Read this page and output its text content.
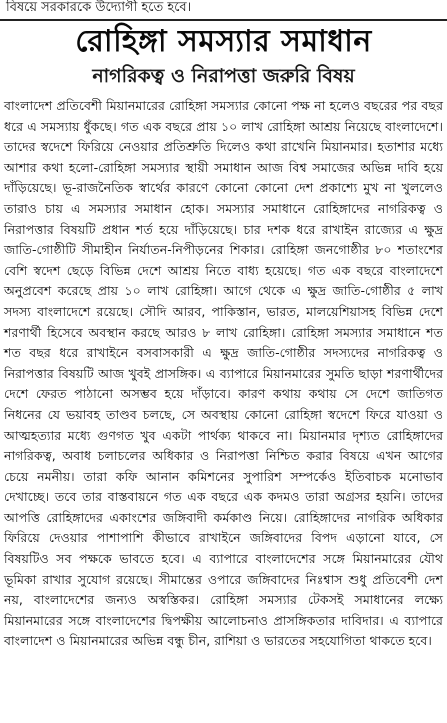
বিষয়ে সরকারকে উদ্যোগী হতে হবে।
রোহিঙ্গা সমস্যার সমাধান
নাগরিকত্ব ও নিরাপত্তা জরুরি বিষয়

বাংলাদেশ প্রতিবেশী মিয়ানমারের রোহিঙ্গা সমস্যার কোনো পক্ষ না হলেও বছরের পর বছর ধরে এ সমস্যায় ধুঁকছে। গত এক বছরে প্রায় ১০ লাখ রোহিঙ্গা আশ্রয় নিয়েছে বাংলাদেশে। তাদের স্বদেশে ফিরিয়ে নেওয়ার প্রতিশ্রুতি দিলেও কথা রাখেনি মিয়ানমার। হতাশার মধ্যে আশার কথা হলো-রোহিঙ্গা সমস্যার স্থায়ী সমাধান আজ বিশ্ব সমাজের অভিন্ন দাবি হয়ে দাঁড়িয়েছে। ভূ-রাজনৈতিক স্বার্থের কারণে কোনো কোনো দেশ প্রকাশ্যে মুখ না খুললেও তারাও চায় এ সমস্যার সমাধান হোক। সমস্যার সমাধানে রোহিঙ্গাদের নাগরিকত্ব ও নিরাপত্তার বিষয়টি প্রধান শর্ত হয়ে দাঁড়িয়েছে। চার দশক ধরে রাখাইন রাজ্যের এ ক্ষুদ্র জাতি-গোষ্ঠীটি সীমাহীন নির্যাতন-নিপীড়নের শিকার। রোহিঙ্গা জনগোষ্ঠীর ৮০ শতাংশের বেশি স্বদেশ ছেড়ে বিভিন্ন দেশে আশ্রয় নিতে বাধ্য হয়েছে। গত এক বছরে বাংলাদেশে অনুপ্রবেশ করেছে প্রায় ১০ লাখ রোহিঙ্গা। আগে থেকে এ ক্ষুদ্র জাতি-গোষ্ঠীর ৫ লাখ সদস্য বাংলাদেশে রয়েছে। সৌদি আরব, পাকিস্তান, ভারত, মালয়েশিয়াসহ বিভিন্ন দেশে শরণার্থী হিসেবে অবস্থান করছে আরও ৮ লাখ রোহিঙ্গা। রোহিঙ্গা সমস্যার সমাধানে শত শত বছর ধরে রাখাইনে বসবাসকারী এ ক্ষুদ্র জাতি-গোষ্ঠীর সদস্যদের নাগরিকত্ব ও নিরাপত্তার বিষয়টি আজ খুবই প্রাসঙ্গিক। এ ব্যাপারে মিয়ানমারের সুমতি ছাড়া শরণার্থীদের দেশে ফেরত পাঠানো অসম্ভব হয়ে দাঁড়াবে। কারণ কথায় কথায় সে দেশে জাতিগত নিধনের যে ভয়াবহ তাণ্ডব চলছে, সে অবস্থায় কোনো রোহিঙ্গা স্বদেশে ফিরে যাওয়া ও আত্মহত্যার মধ্যে গুণগত খুব একটা পার্থক্য থাকবে না। মিয়ানমার দৃশ্যত রোহিঙ্গাদের নাগরিকত্ব, অবাধ চলাচলের অধিকার ও নিরাপত্তা নিশ্চিত করার বিষয়ে এখন আগের চেয়ে নমনীয়। তারা কফি আনান কমিশনের সুপারিশ সম্পর্কেও ইতিবাচক মনোভাব দেখাচ্ছে। তবে তার বাস্তবায়নে গত এক বছরে এক কদমও তারা অগ্রসর হয়নি। তাদের আপত্তি রোহিঙ্গাদের একাংশের জঙ্গিবাদী কর্মকাণ্ড নিয়ে। রোহিঙ্গাদের নাগরিক অধিকার ফিরিয়ে দেওয়ার পাশাপাশি কীভাবে রাখাইনে জঙ্গিবাদের বিপদ এড়ানো যাবে, সে বিষয়টিও সব পক্ষকে ভাবতে হবে। এ ব্যাপারে বাংলাদেশের সঙ্গে মিয়ানমারের যৌথ ভূমিকা রাখার সুযোগ রয়েছে। সীমান্তের ওপারে জঙ্গিবাদের নিঃশ্বাস শুধু প্রতিবেশী দেশ নয়, বাংলাদেশের জন্যও অস্বস্তিকর। রোহিঙ্গা সমস্যার টেকসই সমাধানের লক্ষ্যে মিয়ানমারের সঙ্গে বাংলাদেশের দ্বিপক্ষীয় আলোচনাও প্রাসঙ্গিকতার দাবিদার। এ ব্যাপারে বাংলাদেশ ও মিয়ানমারের অভিন্ন বন্ধু চীন, রাশিয়া ও ভারতের সহযোগিতা থাকতে হবে।
